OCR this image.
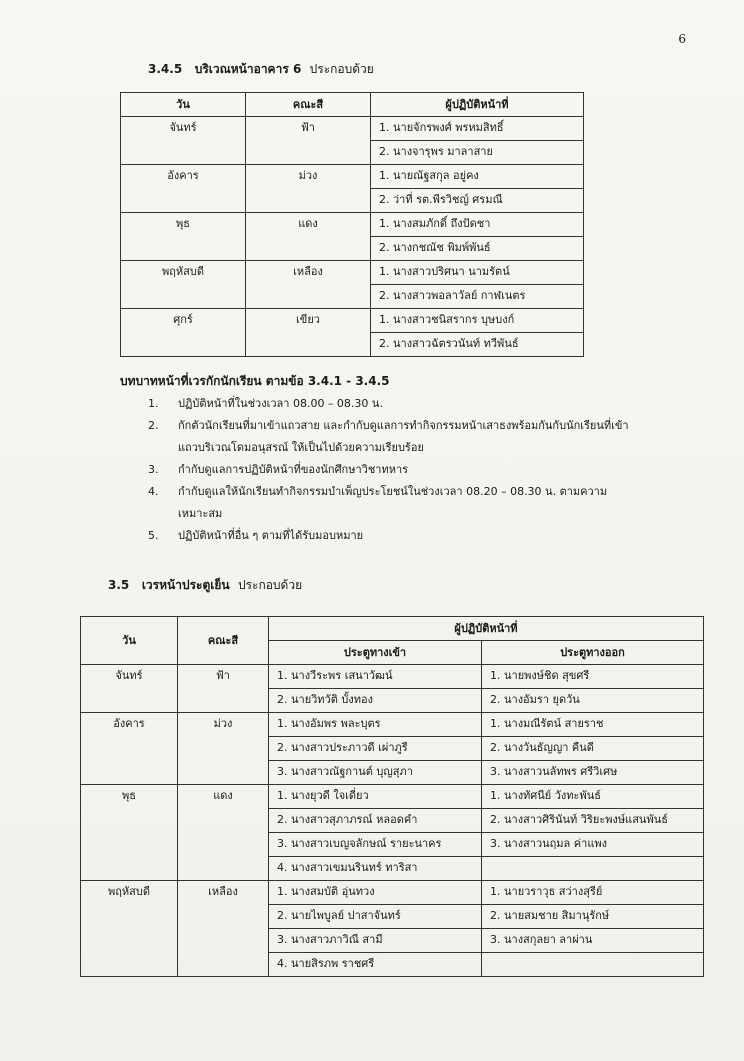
6
3.4.5 บริเวณหน้าอาคาร 6 ประกอบด้วย
วัน	คณะสี	ผู้ปฏิบัติหน้าที่
จันทร์	ฟ้า	1. นายจักรพงศ์ พรหมสิทธิ์
		2. นางจารุพร มาลาสาย
อังคาร	ม่วง	1. นายณัฐสกุล อยู่คง
		2. ว่าที่ รต.พีรวิชญ์ ศรมณี
พุธ	แดง	1. นางสมภักดิ์ ถึงปัดชา
		2. นางกชณัช พิมพ์พันธ์
พฤหัสบดี	เหลือง	1. นางสาวปริศนา นามรัตน์
		2. นางสาวพอลาวัลย์ กาฬเนตร
ศุกร์	เขียว	1. นางสาวชนิสรากร บุษบงก์
		2. นางสาวฉัตรวนันท์ ทวีพันธ์
บทบาทหน้าที่เวรกักนักเรียน ตามข้อ 3.4.1 - 3.4.5
1. ปฏิบัติหน้าที่ในช่วงเวลา 08.00 – 08.30 น.
2. กักตัวนักเรียนที่มาเข้าแถวสาย และกำกับดูแลการทำกิจกรรมหน้าเสาธงพร้อมกันกับนักเรียนที่เข้า
แถวบริเวณโดมอนุสรณ์ ให้เป็นไปด้วยความเรียบร้อย
3. กำกับดูแลการปฏิบัติหน้าที่ของนักศึกษาวิชาทหาร
4. กำกับดูแลให้นักเรียนทำกิจกรรมบำเพ็ญประโยชน์ในช่วงเวลา 08.20 – 08.30 น. ตามความ
เหมาะสม
5. ปฏิบัติหน้าที่อื่น ๆ ตามที่ได้รับมอบหมาย
3.5 เวรหน้าประตูเย็น ประกอบด้วย
วัน	คณะสี	ผู้ปฏิบัติหน้าที่	
		ประตูทางเข้า	ประตูทางออก
จันทร์	ฟ้า	1. นางวีระพร เสนาวัฒน์	1. นายพงษ์ชิด สุขศรี
		2. นายวิทวัติ บั้งทอง	2. นางอัมรา ยุดวัน
อังคาร	ม่วง	1. นางอัมพร พละบุตร	1. นางมณีรัตน์ สายราช
		2. นางสาวประภาวดี เผ่าภูรี	2. นางวันธัญญา คืนดี
		3. นางสาวณัฐกานต์ บุญสุภา	3. นางสาวนลัทพร ศรีวิเศษ
พุธ	แดง	1. นางยุวดี ใจเดี่ยว	1. นางทัศนีย์ วังทะพันธ์
		2. นางสาวสุภาภรณ์ หลอดคำ	2. นางสาวศิรินันท์ วิริยะพงษ์แสนพันธ์
		3. นางสาวเบญจลักษณ์ รายะนาคร	3. นางสาวนฤมล ค่าแพง
		4. นางสาวเขมนรินทร์ ทาริสา	
พฤหัสบดี	เหลือง	1. นางสมบัติ อุ่นทวง	1. นายวราวุธ สว่างสุรีย์
		2. นายไพบูลย์ ปาสาจันทร์	2. นายสมชาย สิมานุรักษ์
		3. นางสาวภาวิณี สามี	3. นางสกุลยา ลาผ่าน
		4. นายสิรภพ ราชศรี	
